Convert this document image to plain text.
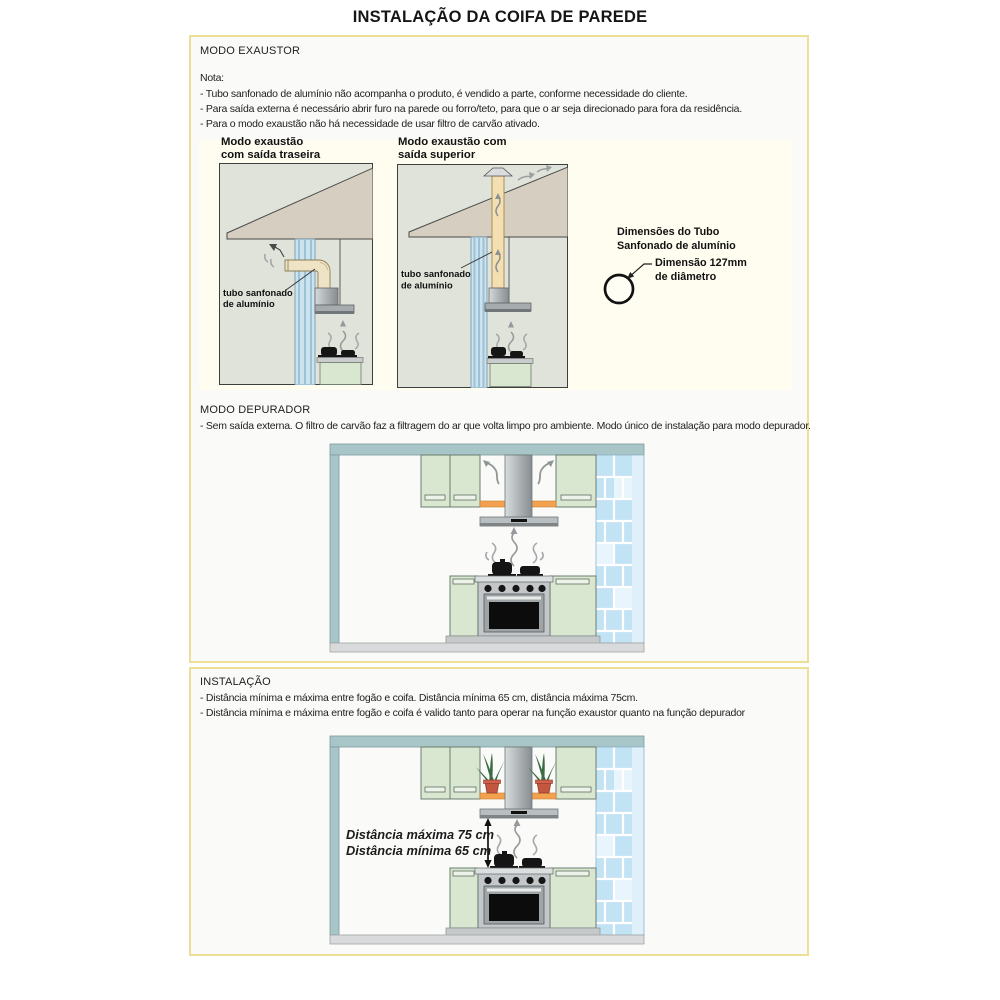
INSTALAÇÃO DA COIFA DE PAREDE
MODO EXAUSTOR
Nota:
- Tubo sanfonado de alumínio não acompanha o produto, é vendido a parte, conforme necessidade do cliente.
- Para saída externa é necessário abrir furo na parede ou forro/teto, para que o ar seja direcionado para fora da residência.
- Para o modo exaustão não há necessidade de usar filtro de carvão ativado.
Modo exaustão
com saída traseira
Modo exaustão com
saída superior
tubo sanfonado
de alumínio
tubo sanfonado
de alumínio
Dimensões do Tubo
Sanfonado de alumínio
Dimensão 127mm
de diâmetro
MODO DEPURADOR
- Sem saída externa. O filtro de carvão faz a filtragem do ar que volta limpo pro ambiente. Modo único de instalação para modo depurador.
INSTALAÇÃO
- Distância mínima e máxima entre fogão e coifa. Distância mínima 65 cm, distância máxima 75cm.
- Distância mínima e máxima entre fogão e coifa é valido tanto para operar na função exaustor quanto na função depurador
Distância máxima 75 cm
Distância mínima 65 cm
